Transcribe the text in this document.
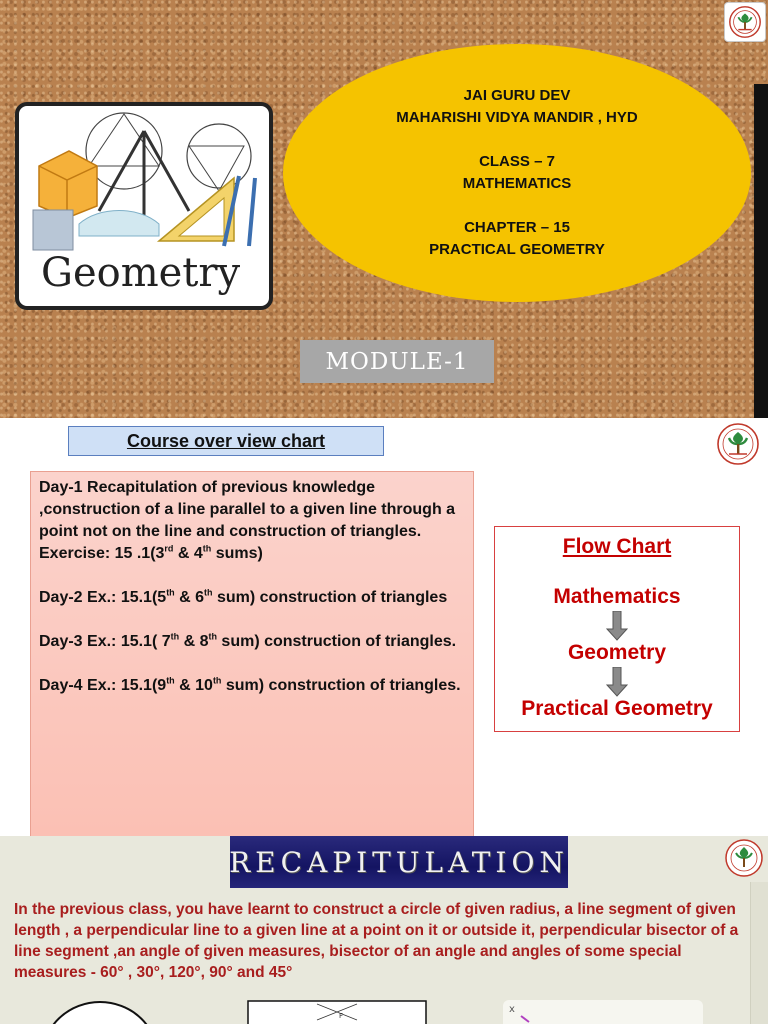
Geometry
JAI GURU DEV
MAHARISHI VIDYA MANDIR , HYD
CLASS – 7
MATHEMATICS
CHAPTER – 15
PRACTICAL GEOMETRY
MODULE-1
Course over view chart

Day-1 Recapitulation of previous knowledge ,construction of a line parallel to a given line through a point not on the line and construction of triangles. Exercise: 15 .1(3rd & 4th sums)

Day-2 Ex.: 15.1(5th & 6th sum) construction of triangles

Day-3 Ex.: 15.1( 7th & 8th sum) construction of triangles.

Day-4 Ex.: 15.1(9th & 10th sum) construction of triangles.

Flow Chart
Mathematics
Geometry
Practical Geometry
RECAPITULATION
In the previous class, you have learnt to construct a circle of given radius, a line segment of given length , a perpendicular line to a given line at a point on it or outside it, perpendicular bisector of a line segment ,an angle of given measures, bisector of an angle and angles of some special measures - 60° , 30°, 120°, 90° and 45°
F
x
